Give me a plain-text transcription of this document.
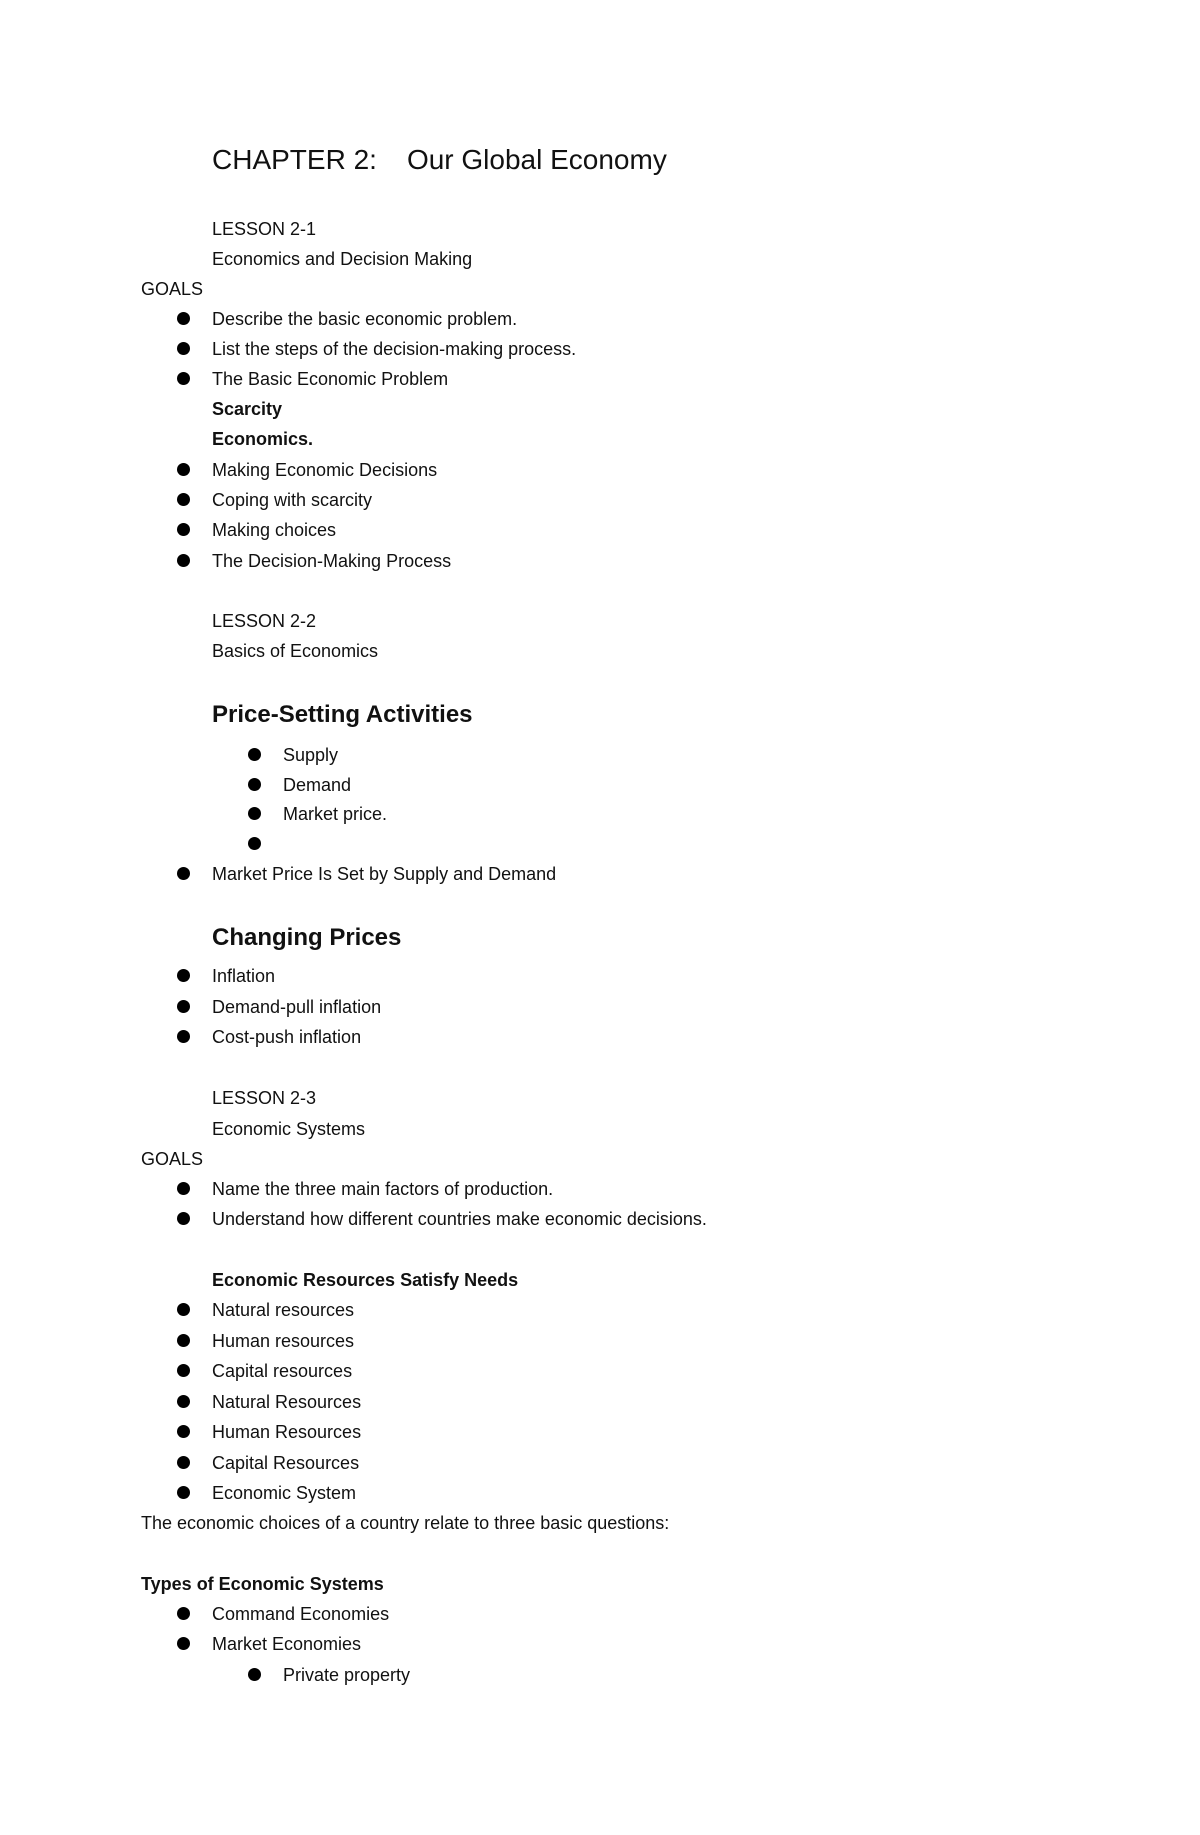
CHAPTER 2: Our Global Economy
LESSON 2-1
Economics and Decision Making
GOALS
Describe the basic economic problem.
List the steps of the decision-making process.
The Basic Economic Problem
Scarcity
Economics.
Making Economic Decisions
Coping with scarcity
Making choices
The Decision-Making Process
LESSON 2-2
Basics of Economics
Price-Setting Activities
Supply
Demand
Market price.
Market Price Is Set by Supply and Demand
Changing Prices
Inflation
Demand-pull inflation
Cost-push inflation
LESSON 2-3
Economic Systems
GOALS
Name the three main factors of production.
Understand how different countries make economic decisions.
Economic Resources Satisfy Needs
Natural resources
Human resources
Capital resources
Natural Resources
Human Resources
Capital Resources
Economic System
The economic choices of a country relate to three basic questions:
Types of Economic Systems
Command Economies
Market Economies
Private property
